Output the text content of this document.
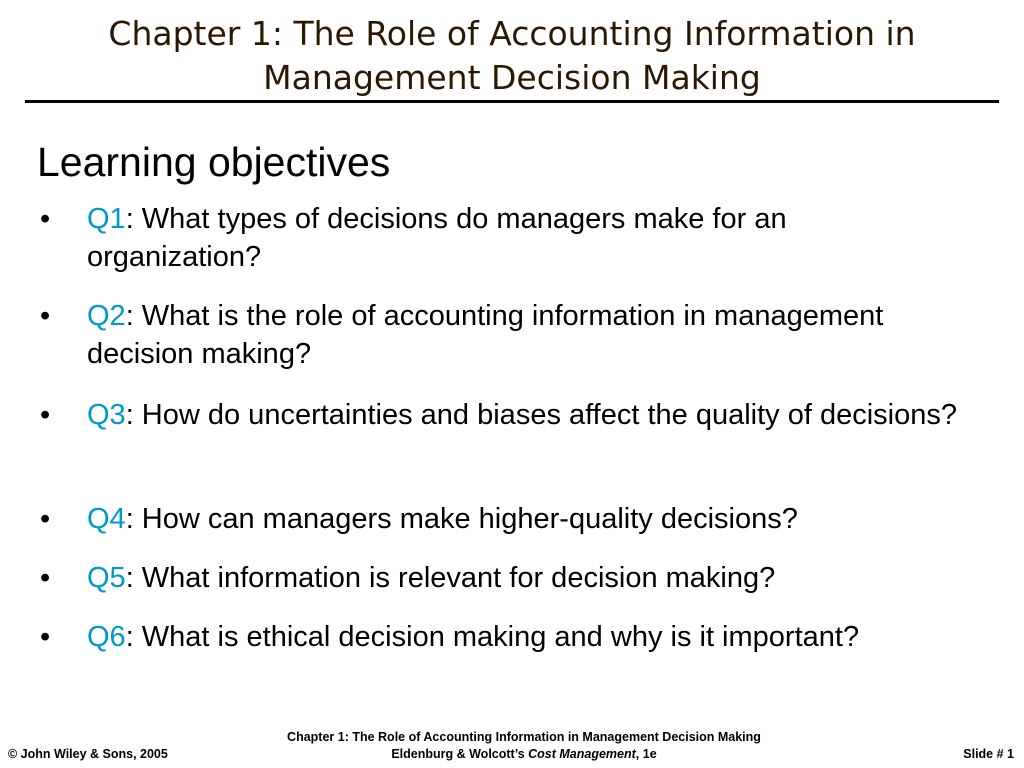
Chapter 1: The Role of Accounting Information in Management Decision Making
Learning objectives
•	Q1: What types of decisions do managers make for an organization?
•	Q2: What is the role of accounting information in management decision making?
•	Q3: How do uncertainties and biases affect the quality of decisions?
•	Q4: How can managers make higher-quality decisions?
•	Q5: What information is relevant for decision making?
•	Q6: What is ethical decision making and why is it important?
© John Wiley & Sons, 2005
Chapter 1: The Role of Accounting Information in Management Decision Making
Eldenburg & Wolcott’s Cost Management, 1e	Slide # 1
